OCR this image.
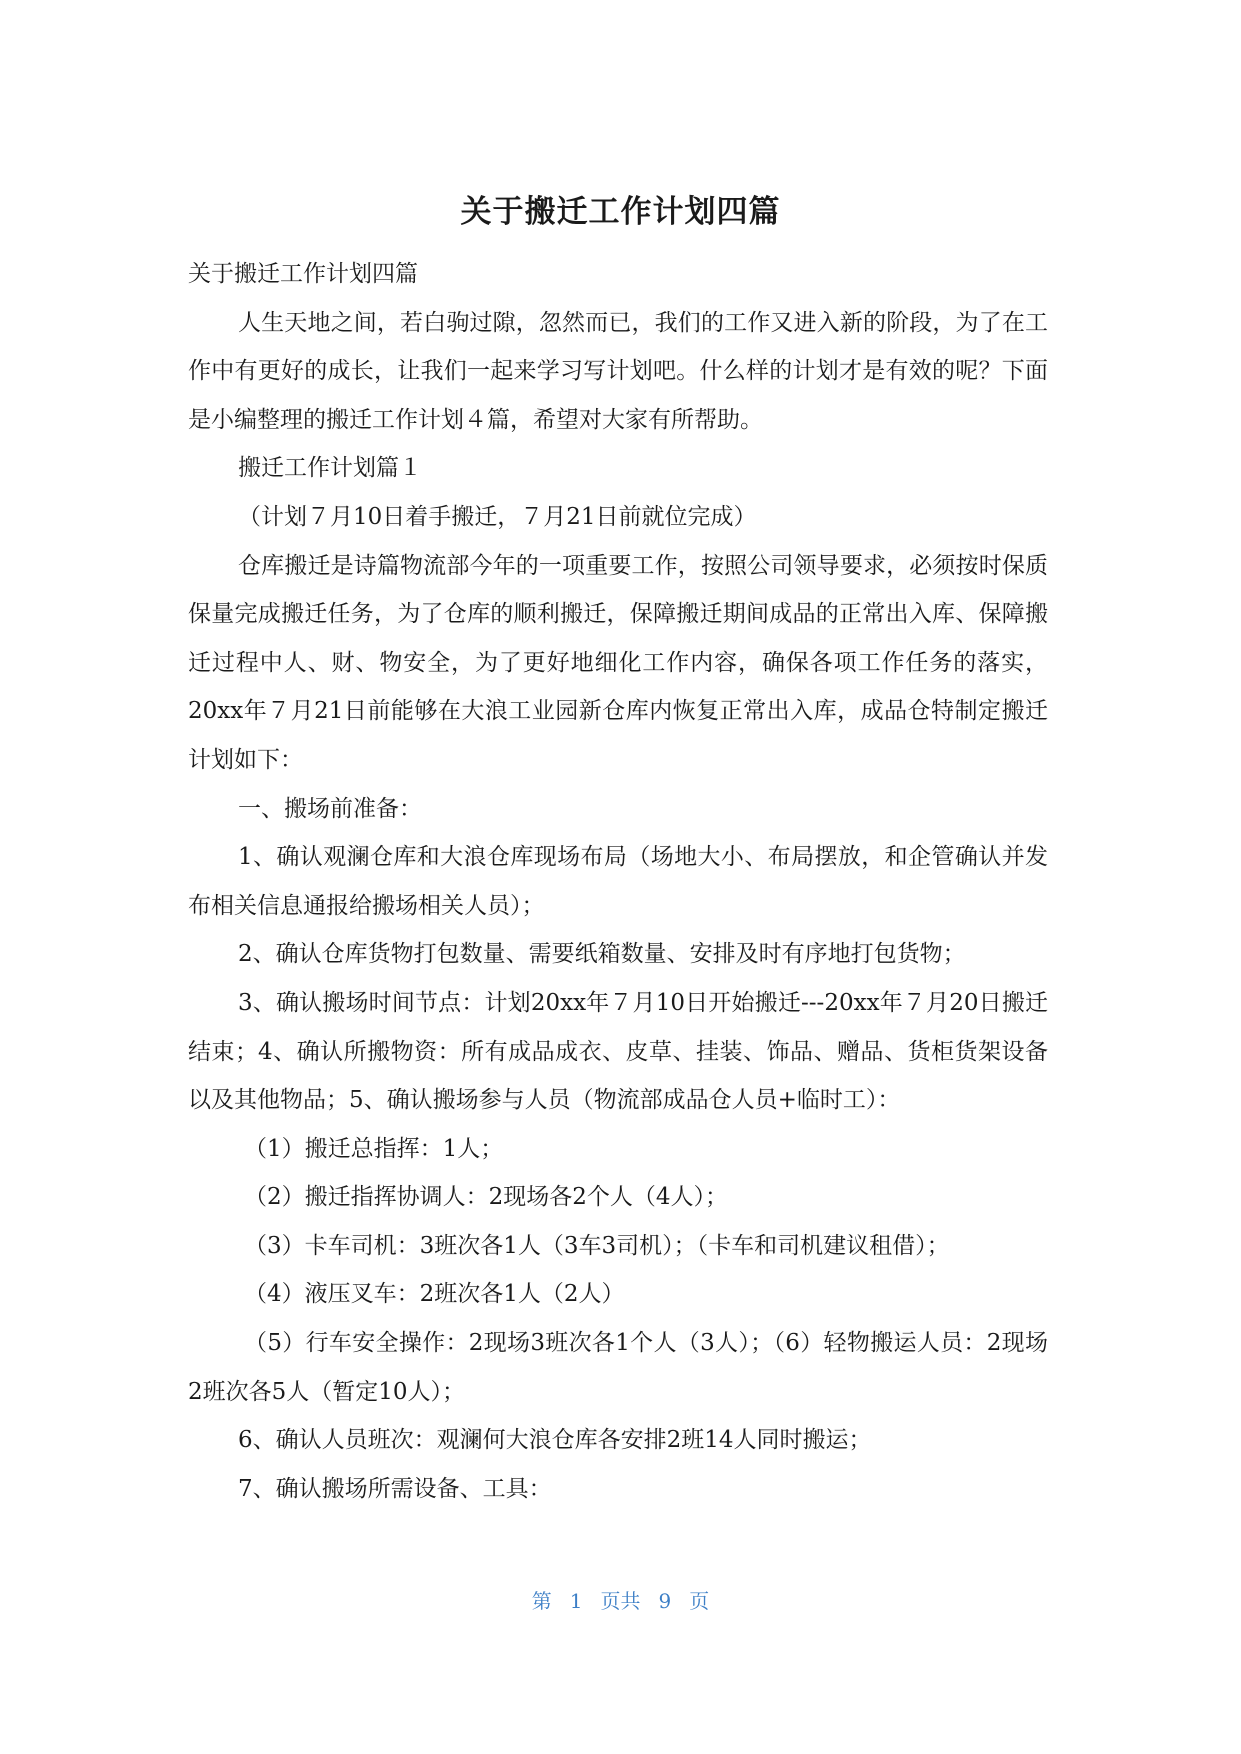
关于搬迁工作计划四篇

关于搬迁工作计划四篇

人生天地之间，若白驹过隙，忽然而已，我们的工作又进入新的阶段，为了在工作中有更好的成长，让我们一起来学习写计划吧。什么样的计划才是有效的呢？下面是小编整理的搬迁工作计划４篇，希望对大家有所帮助。

搬迁工作计划篇１

（计划７月10日着手搬迁，７月21日前就位完成）

仓库搬迁是诗篇物流部今年的一项重要工作，按照公司领导要求，必须按时保质保量完成搬迁任务，为了仓库的顺利搬迁，保障搬迁期间成品的正常出入库、保障搬迁过程中人、财、物安全，为了更好地细化工作内容，确保各项工作任务的落实，20xx年７月21日前能够在大浪工业园新仓库内恢复正常出入库，成品仓特制定搬迁计划如下：

一、搬场前准备：

1、确认观澜仓库和大浪仓库现场布局（场地大小、布局摆放，和企管确认并发布相关信息通报给搬场相关人员）；

2、确认仓库货物打包数量、需要纸箱数量、安排及时有序地打包货物；

3、确认搬场时间节点：计划20xx年７月10日开始搬迁---20xx年７月20日搬迁结束；4、确认所搬物资：所有成品成衣、皮草、挂装、饰品、赠品、货柜货架设备以及其他物品；5、确认搬场参与人员（物流部成品仓人员+临时工）：

（1）搬迁总指挥：1人；

（2）搬迁指挥协调人：2现场各2个人（4人）；

（3）卡车司机：3班次各1人（3车3司机）；（卡车和司机建议租借）；

（4）液压叉车：2班次各1人（2人）

（5）行车安全操作：2现场3班次各1个人（3人）；（6）轻物搬运人员：2现场2班次各5人（暂定10人）；

6、确认人员班次：观澜何大浪仓库各安排2班14人同时搬运；

7、确认搬场所需设备、工具：

第 1 页共 9 页
